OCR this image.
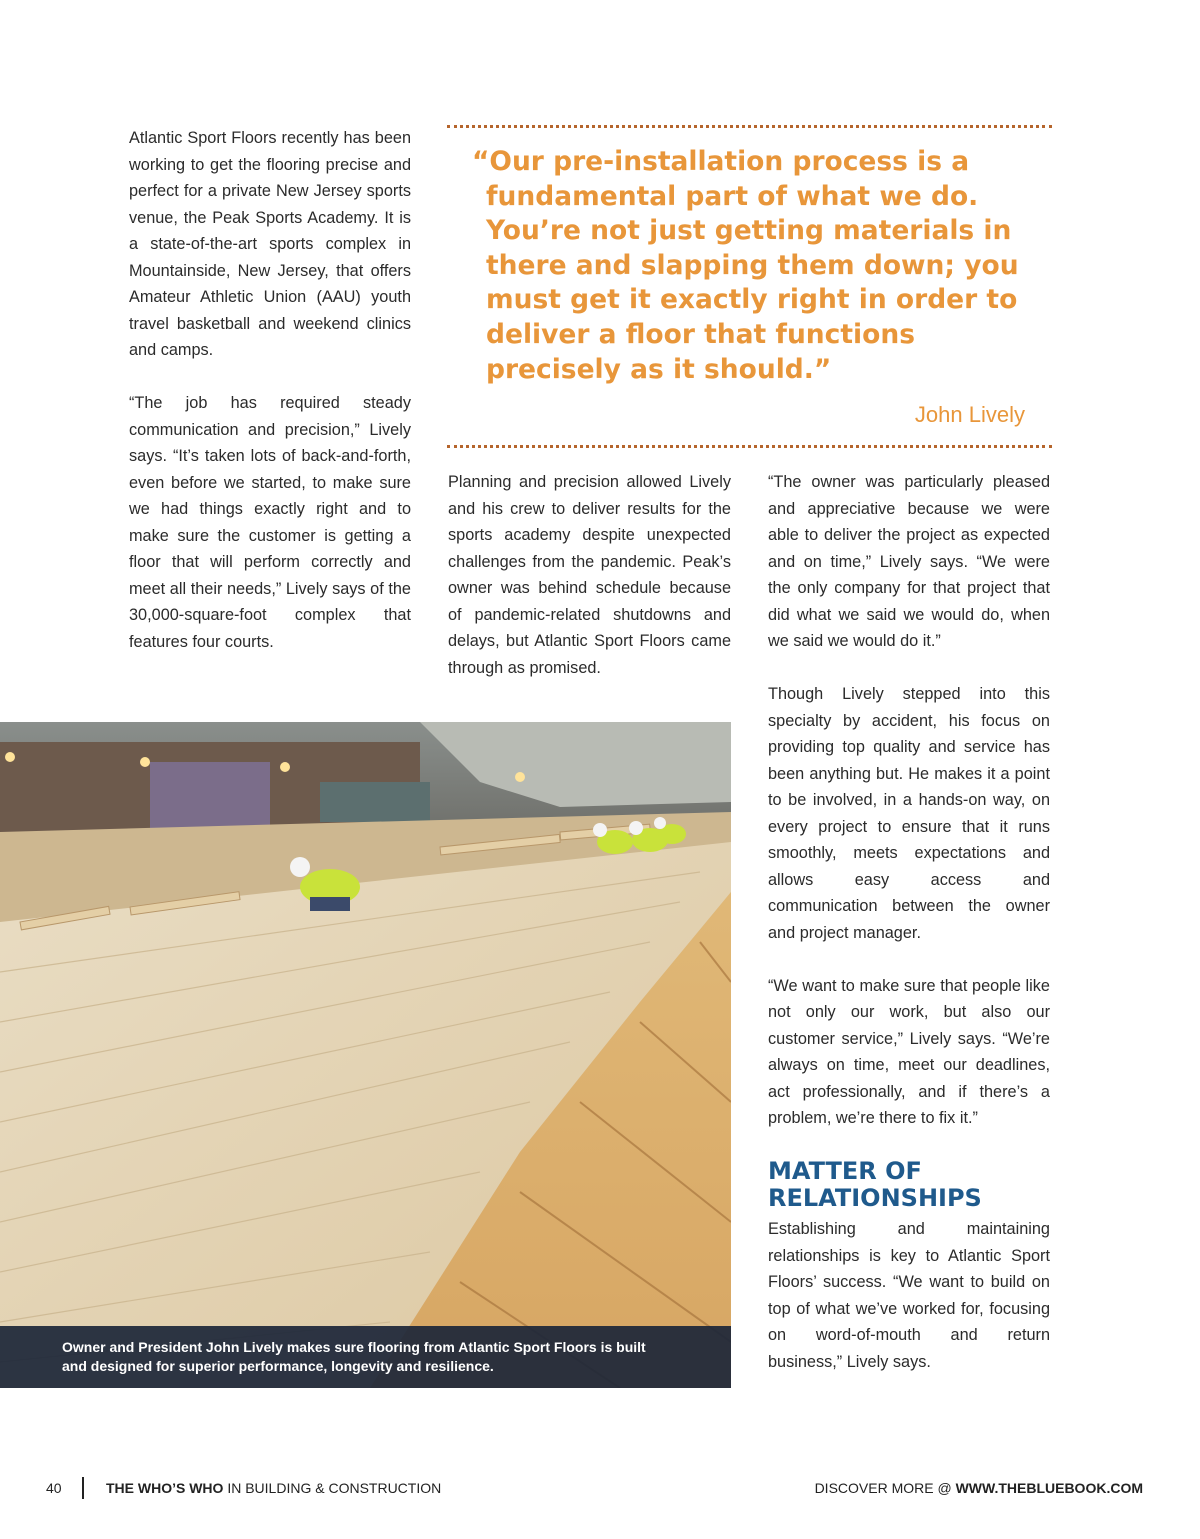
Atlantic Sport Floors recently has been working to get the flooring precise and perfect for a private New Jersey sports venue, the Peak Sports Academy. It is a state-of-the-art sports complex in Mountainside, New Jersey, that offers Amateur Athletic Union (AAU) youth travel basketball and weekend clinics and camps.

“The job has required steady communication and precision,” Lively says. “It’s taken lots of back-and-forth, even before we started, to make sure we had things exactly right and to make sure the customer is getting a floor that will perform correctly and meet all their needs,” Lively says of the 30,000-square-foot complex that features four courts.

“Our pre-installation process is a fundamental part of what we do. You’re not just getting materials in there and slapping them down; you must get it exactly right in order to deliver a floor that functions precisely as it should.”

John Lively

Planning and precision allowed Lively and his crew to deliver results for the sports academy despite unexpected challenges from the pandemic. Peak’s owner was behind schedule because of pandemic-related shutdowns and delays, but Atlantic Sport Floors came through as promised.

“The owner was particularly pleased and appreciative because we were able to deliver the project as expected and on time,” Lively says. “We were the only company for that project that did what we said we would do, when we said we would do it.”

Though Lively stepped into this specialty by accident, his focus on providing top quality and service has been anything but. He makes it a point to be involved, in a hands-on way, on every project to ensure that it runs smoothly, meets expectations and allows easy access and communication between the owner and project manager.

“We want to make sure that people like not only our work, but also our customer service,” Lively says. “We’re always on time, meet our deadlines, act professionally, and if there’s a problem, we’re there to fix it.”

MATTER OF RELATIONSHIPS

Establishing and maintaining relationships is key to Atlantic Sport Floors’ success. “We want to build on top of what we’ve worked for, focusing on word-of-mouth and return business,” Lively says.

Owner and President John Lively makes sure flooring from Atlantic Sport Floors is built and designed for superior performance, longevity and resilience.
40	THE WHO’S WHO IN BUILDING & CONSTRUCTION	DISCOVER MORE @ WWW.THEBLUEBOOK.COM
